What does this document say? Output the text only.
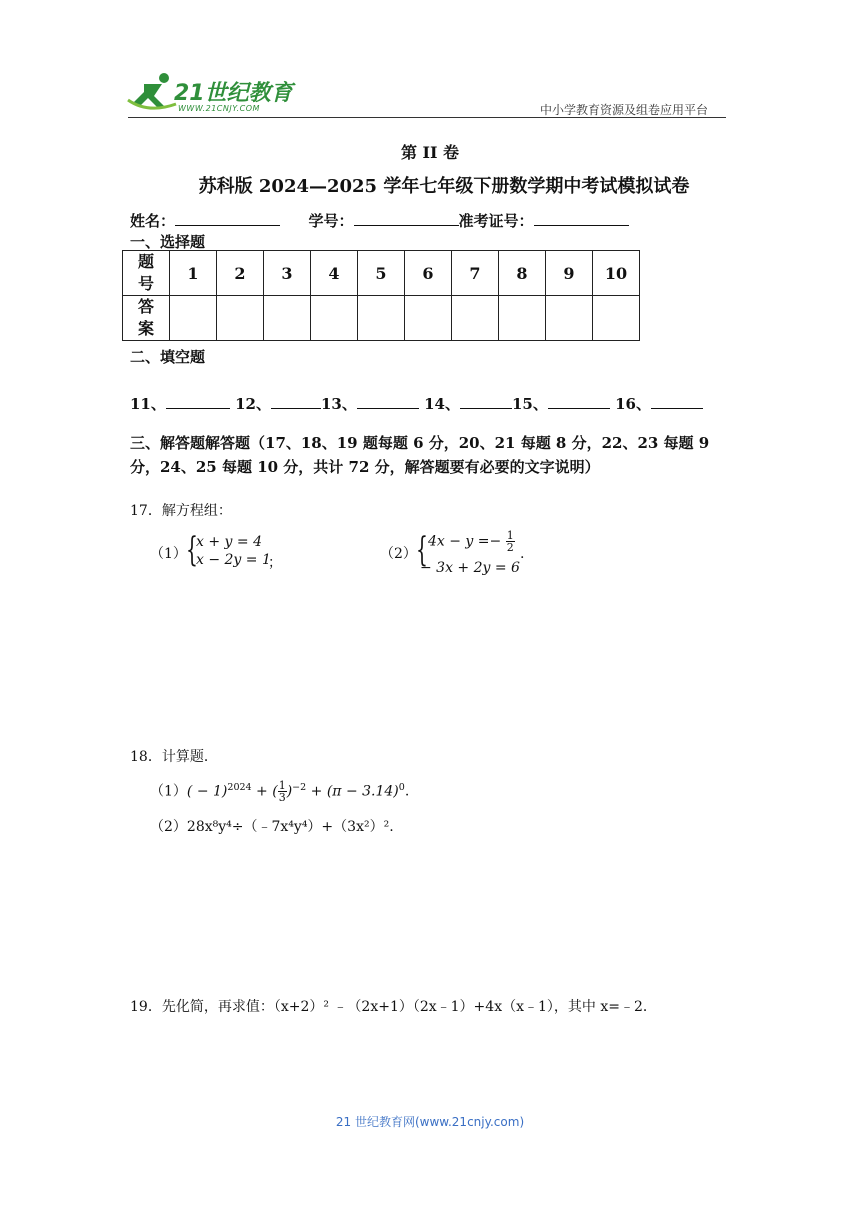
21世纪教育
WWW.21CNJY.COM	中小学教育资源及组卷应用平台
第 II 卷
苏科版 2024—2025 学年七年级下册数学期中考试模拟试卷
姓名：	学号：	准考证号：
一、选择题
题
号	1	2	3	4	5	6	7	8	9	10
答
案										
二、填空题
11、	12、	13、	14、	15、	16、
三、解答题解答题（17、18、19 题每题 6 分，20、21 每题 8 分，22、23 每题 9
分，24、25 每题 10 分，共计 72 分，解答题要有必要的文字说明）
17．解方程组：
（1） {
x + y = 4
x − 2y = 1
；
（2） { $4x - y =- \frac{1}{2}$
− 3x + 2y = 6
.
18．计算题．
$(1)( - 1)^{2024}$ + ( $\frac{1}{3} )^{-2} + (\pi - 3.14)^0$.
（2）28x⁸y⁴÷（﹣7x⁴y⁴）+（3x²）².
19．先化简，再求值：（x+2）² ﹣（2x+1）（2x﹣1）+4x（x﹣1），其中 x=﹣2．
21 世纪教育网(www.21cnjy.com)
